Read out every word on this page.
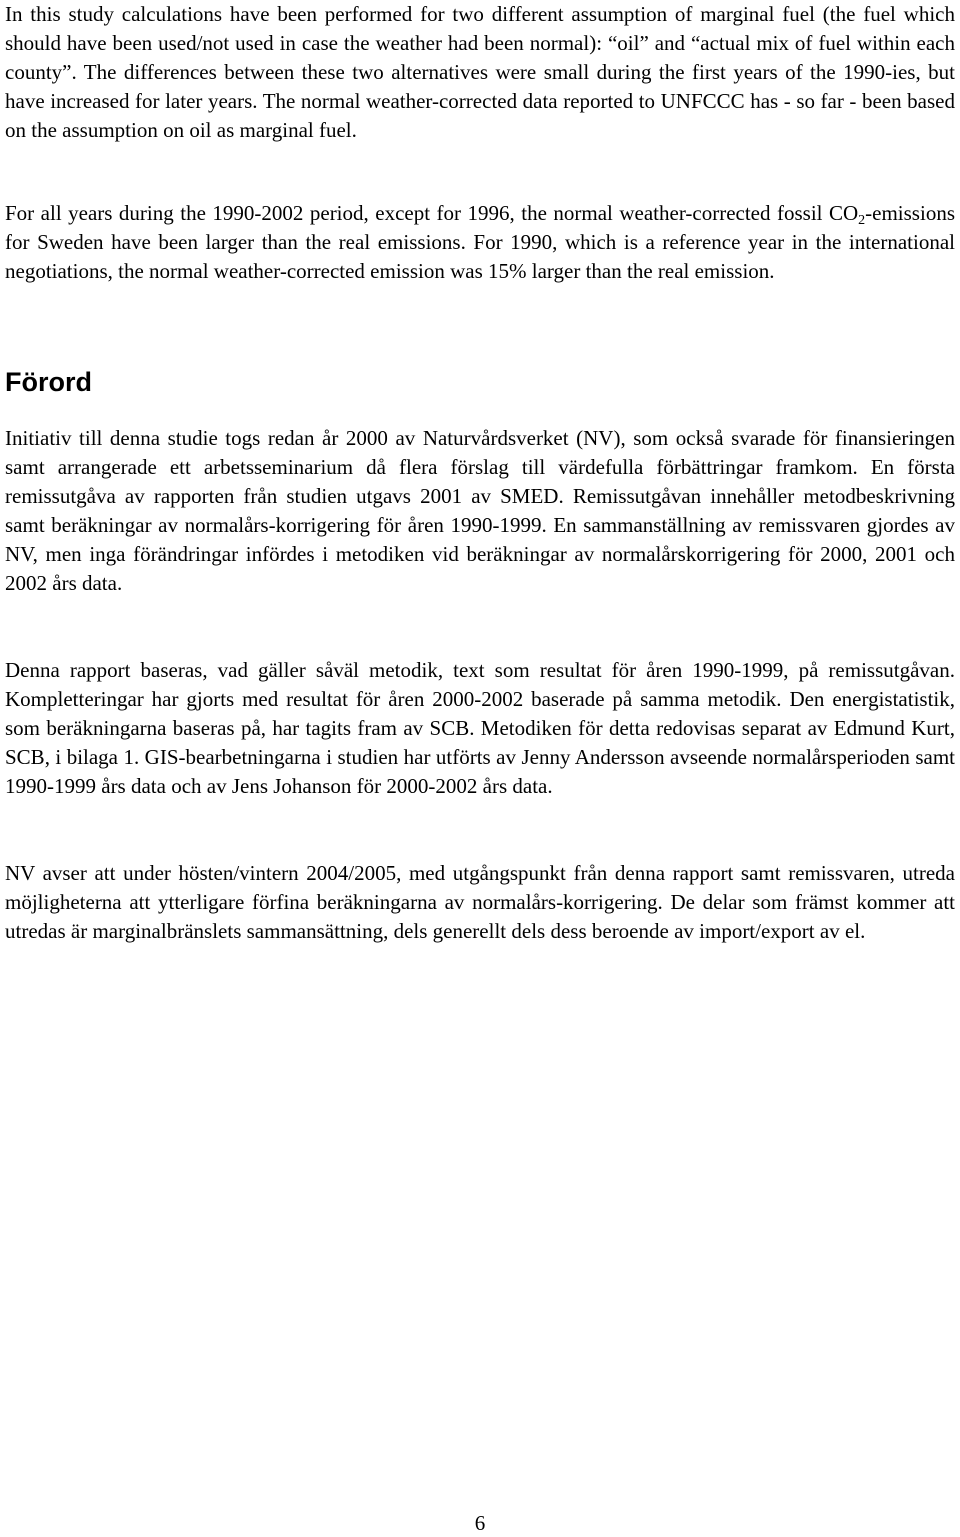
In this study calculations have been performed for two different assumption of marginal fuel (the fuel which should have been used/not used in case the weather had been normal): “oil” and “actual mix of fuel within each county”. The differences between these two alternatives were small during the first years of the 1990-ies, but have increased for later years. The normal weather-corrected data reported to UNFCCC has - so far - been based on the assumption on oil as marginal fuel.

For all years during the 1990-2002 period, except for 1996, the normal weather-corrected fossil $CO_2$-emissions for Sweden have been larger than the real emissions. For 1990, which is a reference year in the international negotiations, the normal weather-corrected emission was 15% larger than the real emission.

Förord

Initiativ till denna studie togs redan år 2000 av Naturvårdsverket (NV), som också svarade för finansieringen samt arrangerade ett arbetsseminarium då flera förslag till värdefulla förbättringar framkom. En första remissutgåva av rapporten från studien utgavs 2001 av SMED. Remissutgåvan innehåller metodbeskrivning samt beräkningar av normalårs-korrigering för åren 1990-1999. En sammanställning av remissvaren gjordes av NV, men inga förändringar infördes i metodiken vid beräkningar av normalårskorrigering för 2000, 2001 och 2002 års data.

Denna rapport baseras, vad gäller såväl metodik, text som resultat för åren 1990-1999, på remissutgåvan. Kompletteringar har gjorts med resultat för åren 2000-2002 baserade på samma metodik. Den energistatistik, som beräkningarna baseras på, har tagits fram av SCB. Metodiken för detta redovisas separat av Edmund Kurt, SCB, i bilaga 1. GIS-bearbetningarna i studien har utförts av Jenny Andersson avseende normalårsperioden samt 1990-1999 års data och av Jens Johanson för 2000-2002 års data.

NV avser att under hösten/vintern 2004/2005, med utgångspunkt från denna rapport samt remissvaren, utreda möjligheterna att ytterligare förfina beräkningarna av normalårs-korrigering. De delar som främst kommer att utredas är marginalbränslets sammansättning, dels generellt dels dess beroende av import/export av el.

6
